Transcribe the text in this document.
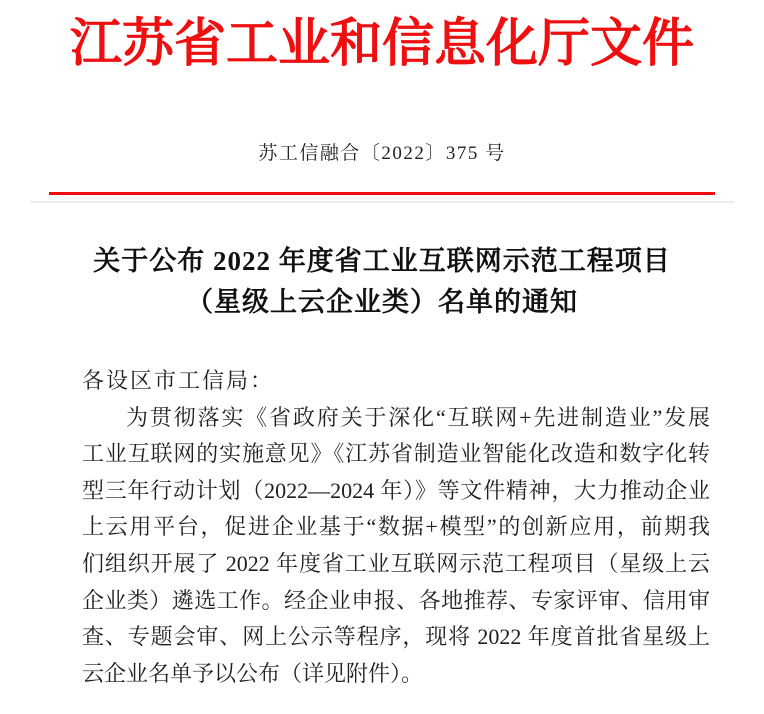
江苏省工业和信息化厅文件
苏工信融合〔2022〕375 号
关于公布 2022 年度省工业互联网示范工程项目
（星级上云企业类）名单的通知
各设区市工信局：
为贯彻落实《省政府关于深化“互联网+先进制造业”发展
工业互联网的实施意见》《江苏省制造业智能化改造和数字化转
型三年行动计划（2022—2024 年）》等文件精神，大力推动企业
上云用平台，促进企业基于“数据+模型”的创新应用，前期我
们组织开展了 2022 年度省工业互联网示范工程项目（星级上云
企业类）遴选工作。经企业申报、各地推荐、专家评审、信用审
查、专题会审、网上公示等程序，现将 2022 年度首批省星级上
云企业名单予以公布（详见附件）。
